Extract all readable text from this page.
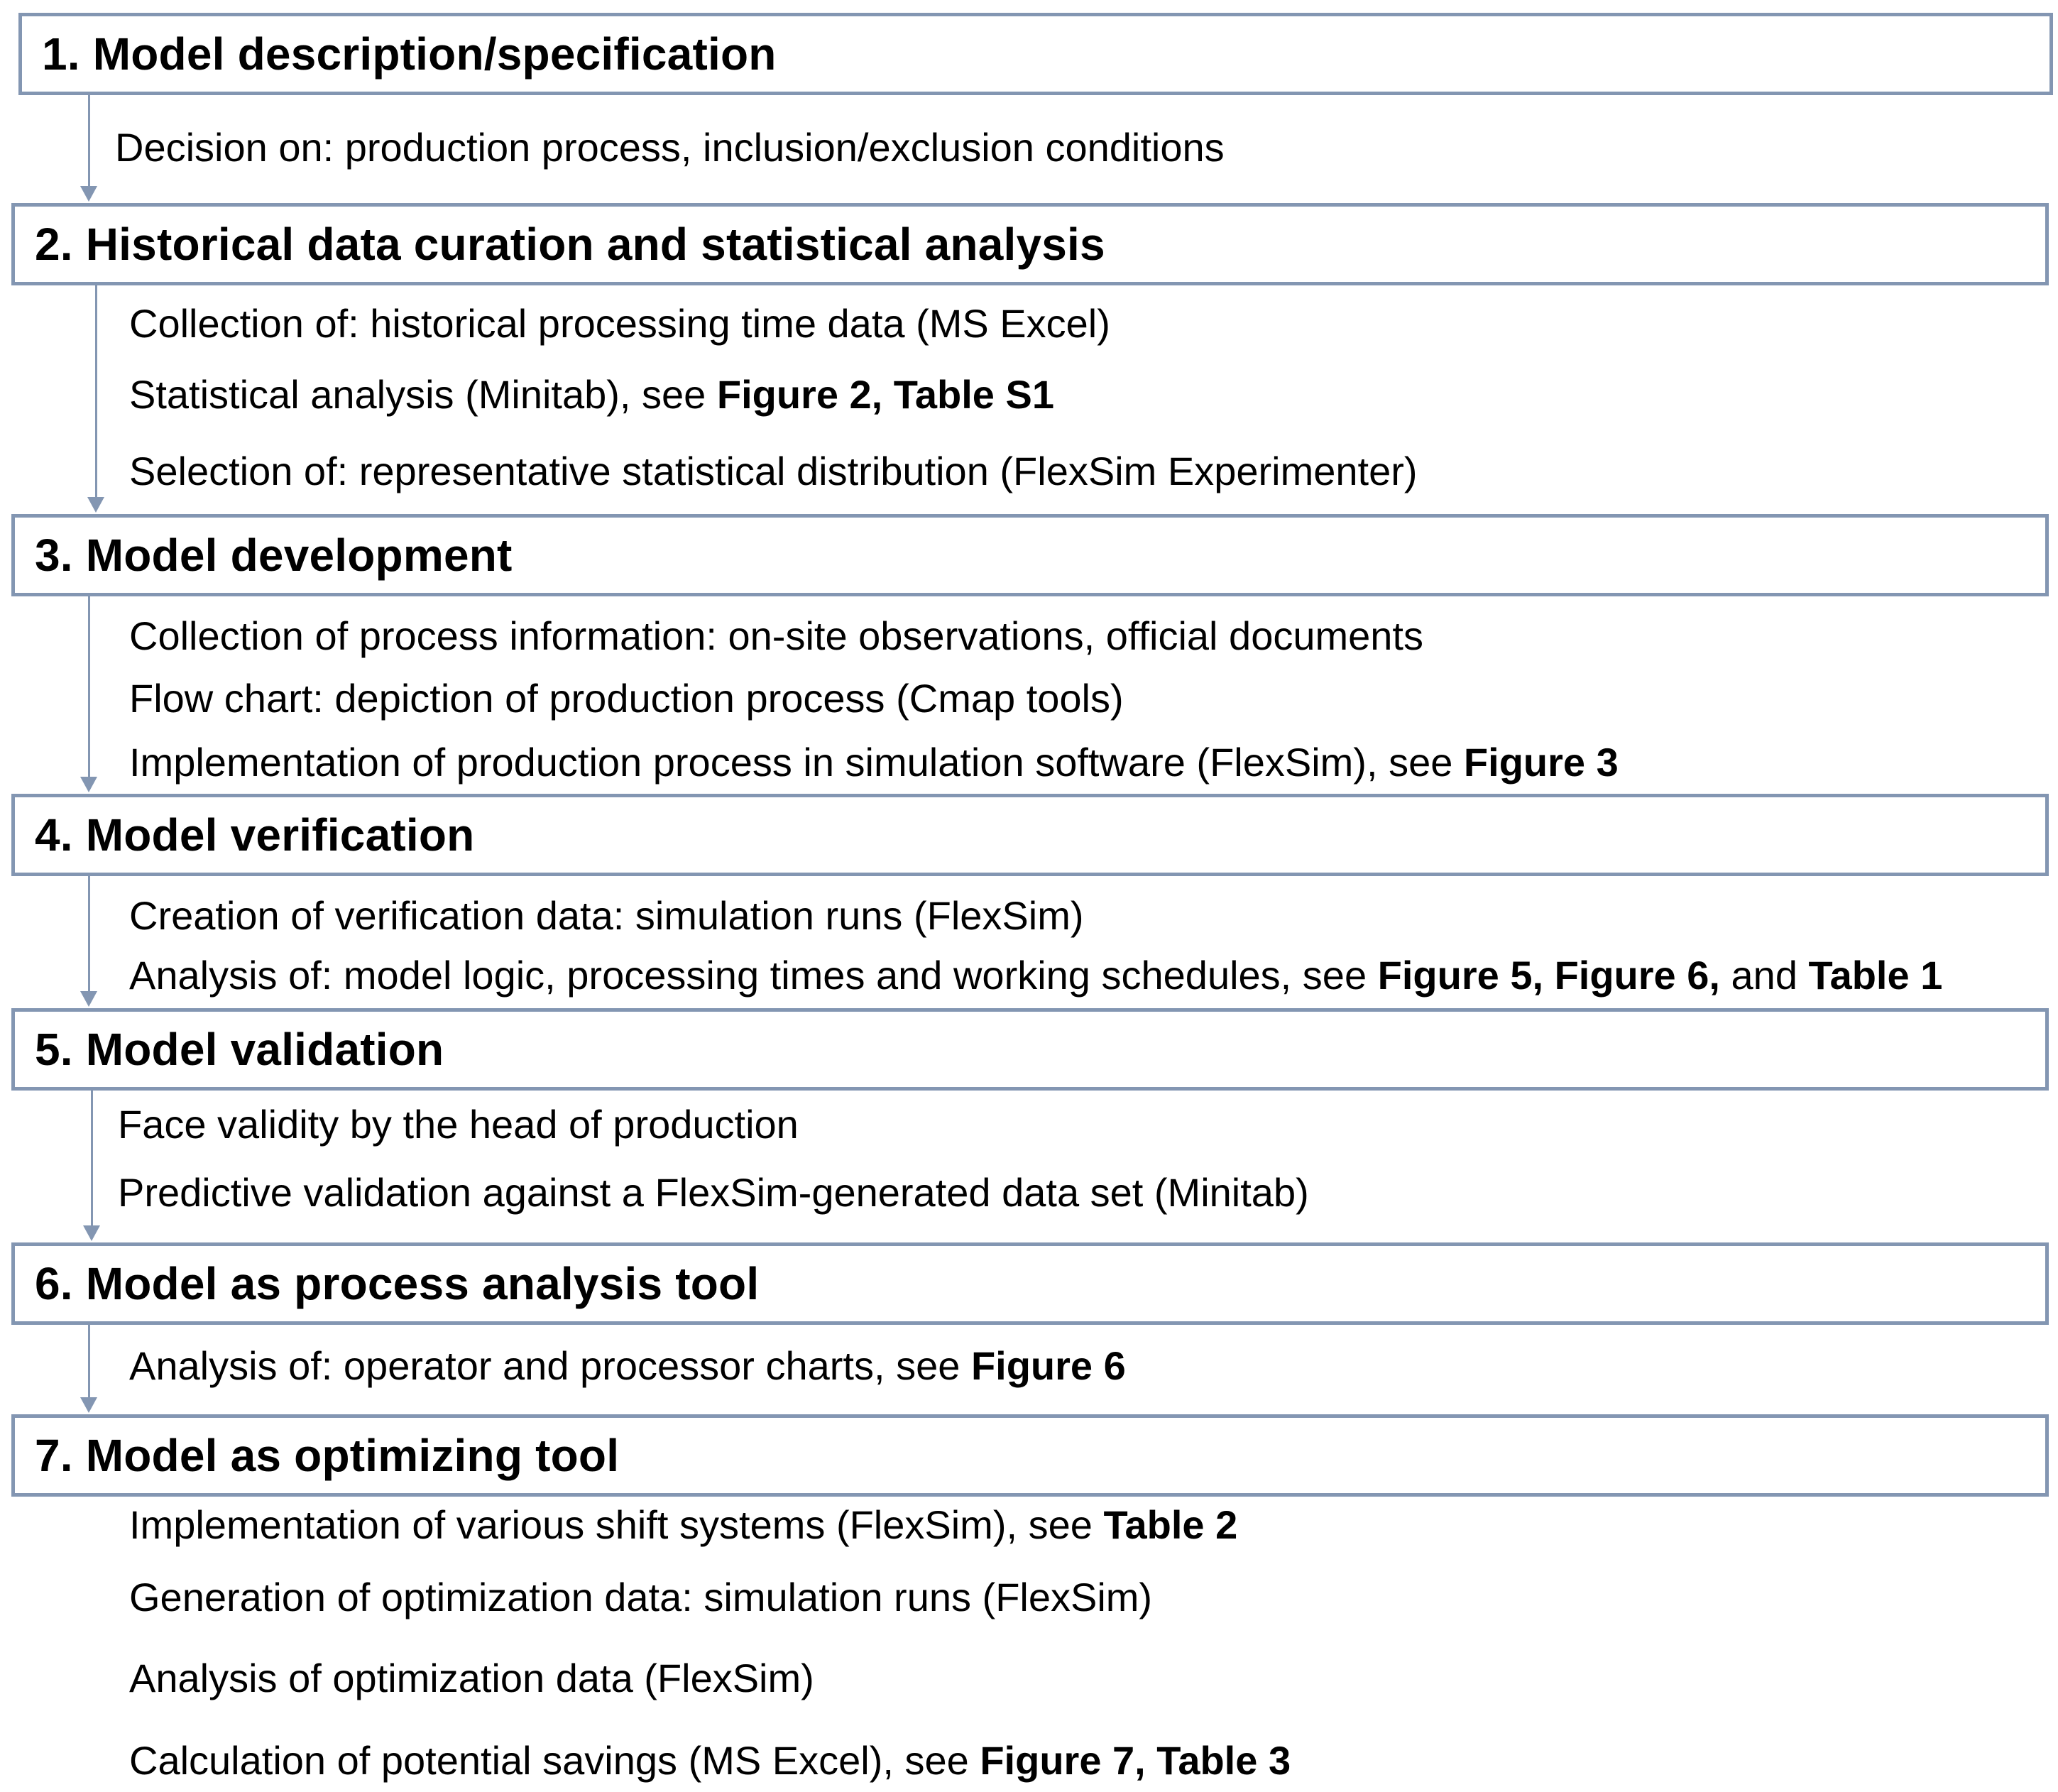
1. Model description/specification
Decision on: production process, inclusion/exclusion conditions
2. Historical data curation and statistical analysis
Collection of: historical processing time data (MS Excel)
Statistical analysis (Minitab), see Figure 2, Table S1
Selection of: representative statistical distribution (FlexSim Experimenter)
3. Model development
Collection of process information: on-site observations, official documents
Flow chart: depiction of production process (Cmap tools)
Implementation of production process in simulation software (FlexSim), see Figure 3
4. Model verification
Creation of verification data: simulation runs (FlexSim)
Analysis of: model logic, processing times and working schedules, see Figure 5, Figure 6, and Table 1
5. Model validation
Face validity by the head of production
Predictive validation against a FlexSim-generated data set (Minitab)
6. Model as process analysis tool
Analysis of: operator and processor charts, see Figure 6
7. Model as optimizing tool
Implementation of various shift systems (FlexSim), see Table 2
Generation of optimization data: simulation runs (FlexSim)
Analysis of optimization data (FlexSim)
Calculation of potential savings (MS Excel), see Figure 7, Table 3
